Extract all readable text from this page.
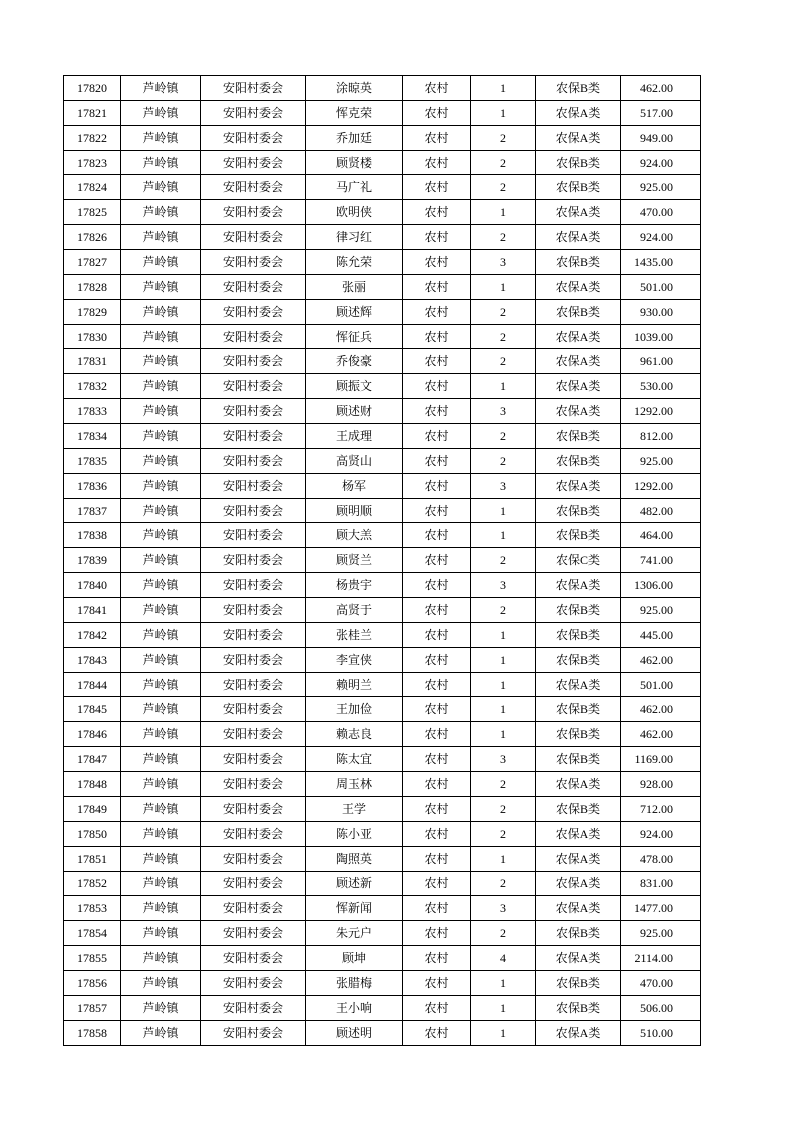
17820	芦岭镇	安阳村委会	涂晾英	农村	1	农保B类	462.00
17821	芦岭镇	安阳村委会	恽克荣	农村	1	农保A类	517.00
17822	芦岭镇	安阳村委会	乔加廷	农村	2	农保A类	949.00
17823	芦岭镇	安阳村委会	顾贤楼	农村	2	农保B类	924.00
17824	芦岭镇	安阳村委会	马广礼	农村	2	农保B类	925.00
17825	芦岭镇	安阳村委会	欧明侠	农村	1	农保A类	470.00
17826	芦岭镇	安阳村委会	律习红	农村	2	农保A类	924.00
17827	芦岭镇	安阳村委会	陈允荣	农村	3	农保B类	1435.00
17828	芦岭镇	安阳村委会	张丽	农村	1	农保A类	501.00
17829	芦岭镇	安阳村委会	顾述辉	农村	2	农保B类	930.00
17830	芦岭镇	安阳村委会	恽征兵	农村	2	农保A类	1039.00
17831	芦岭镇	安阳村委会	乔俊豪	农村	2	农保A类	961.00
17832	芦岭镇	安阳村委会	顾振文	农村	1	农保A类	530.00
17833	芦岭镇	安阳村委会	顾述财	农村	3	农保A类	1292.00
17834	芦岭镇	安阳村委会	王成理	农村	2	农保B类	812.00
17835	芦岭镇	安阳村委会	高贤山	农村	2	农保B类	925.00
17836	芦岭镇	安阳村委会	杨军	农村	3	农保A类	1292.00
17837	芦岭镇	安阳村委会	顾明顺	农村	1	农保B类	482.00
17838	芦岭镇	安阳村委会	顾大羔	农村	1	农保B类	464.00
17839	芦岭镇	安阳村委会	顾贤兰	农村	2	农保C类	741.00
17840	芦岭镇	安阳村委会	杨贵宇	农村	3	农保A类	1306.00
17841	芦岭镇	安阳村委会	高贤于	农村	2	农保B类	925.00
17842	芦岭镇	安阳村委会	张桂兰	农村	1	农保B类	445.00
17843	芦岭镇	安阳村委会	李宣侠	农村	1	农保B类	462.00
17844	芦岭镇	安阳村委会	赖明兰	农村	1	农保A类	501.00
17845	芦岭镇	安阳村委会	王加俭	农村	1	农保B类	462.00
17846	芦岭镇	安阳村委会	赖志良	农村	1	农保B类	462.00
17847	芦岭镇	安阳村委会	陈太宜	农村	3	农保B类	1169.00
17848	芦岭镇	安阳村委会	周玉林	农村	2	农保A类	928.00
17849	芦岭镇	安阳村委会	王学	农村	2	农保B类	712.00
17850	芦岭镇	安阳村委会	陈小亚	农村	2	农保A类	924.00
17851	芦岭镇	安阳村委会	陶照英	农村	1	农保A类	478.00
17852	芦岭镇	安阳村委会	顾述新	农村	2	农保A类	831.00
17853	芦岭镇	安阳村委会	恽新闻	农村	3	农保A类	1477.00
17854	芦岭镇	安阳村委会	朱元户	农村	2	农保B类	925.00
17855	芦岭镇	安阳村委会	顾坤	农村	4	农保A类	2114.00
17856	芦岭镇	安阳村委会	张腊梅	农村	1	农保B类	470.00
17857	芦岭镇	安阳村委会	王小响	农村	1	农保B类	506.00
17858	芦岭镇	安阳村委会	顾述明	农村	1	农保A类	510.00
